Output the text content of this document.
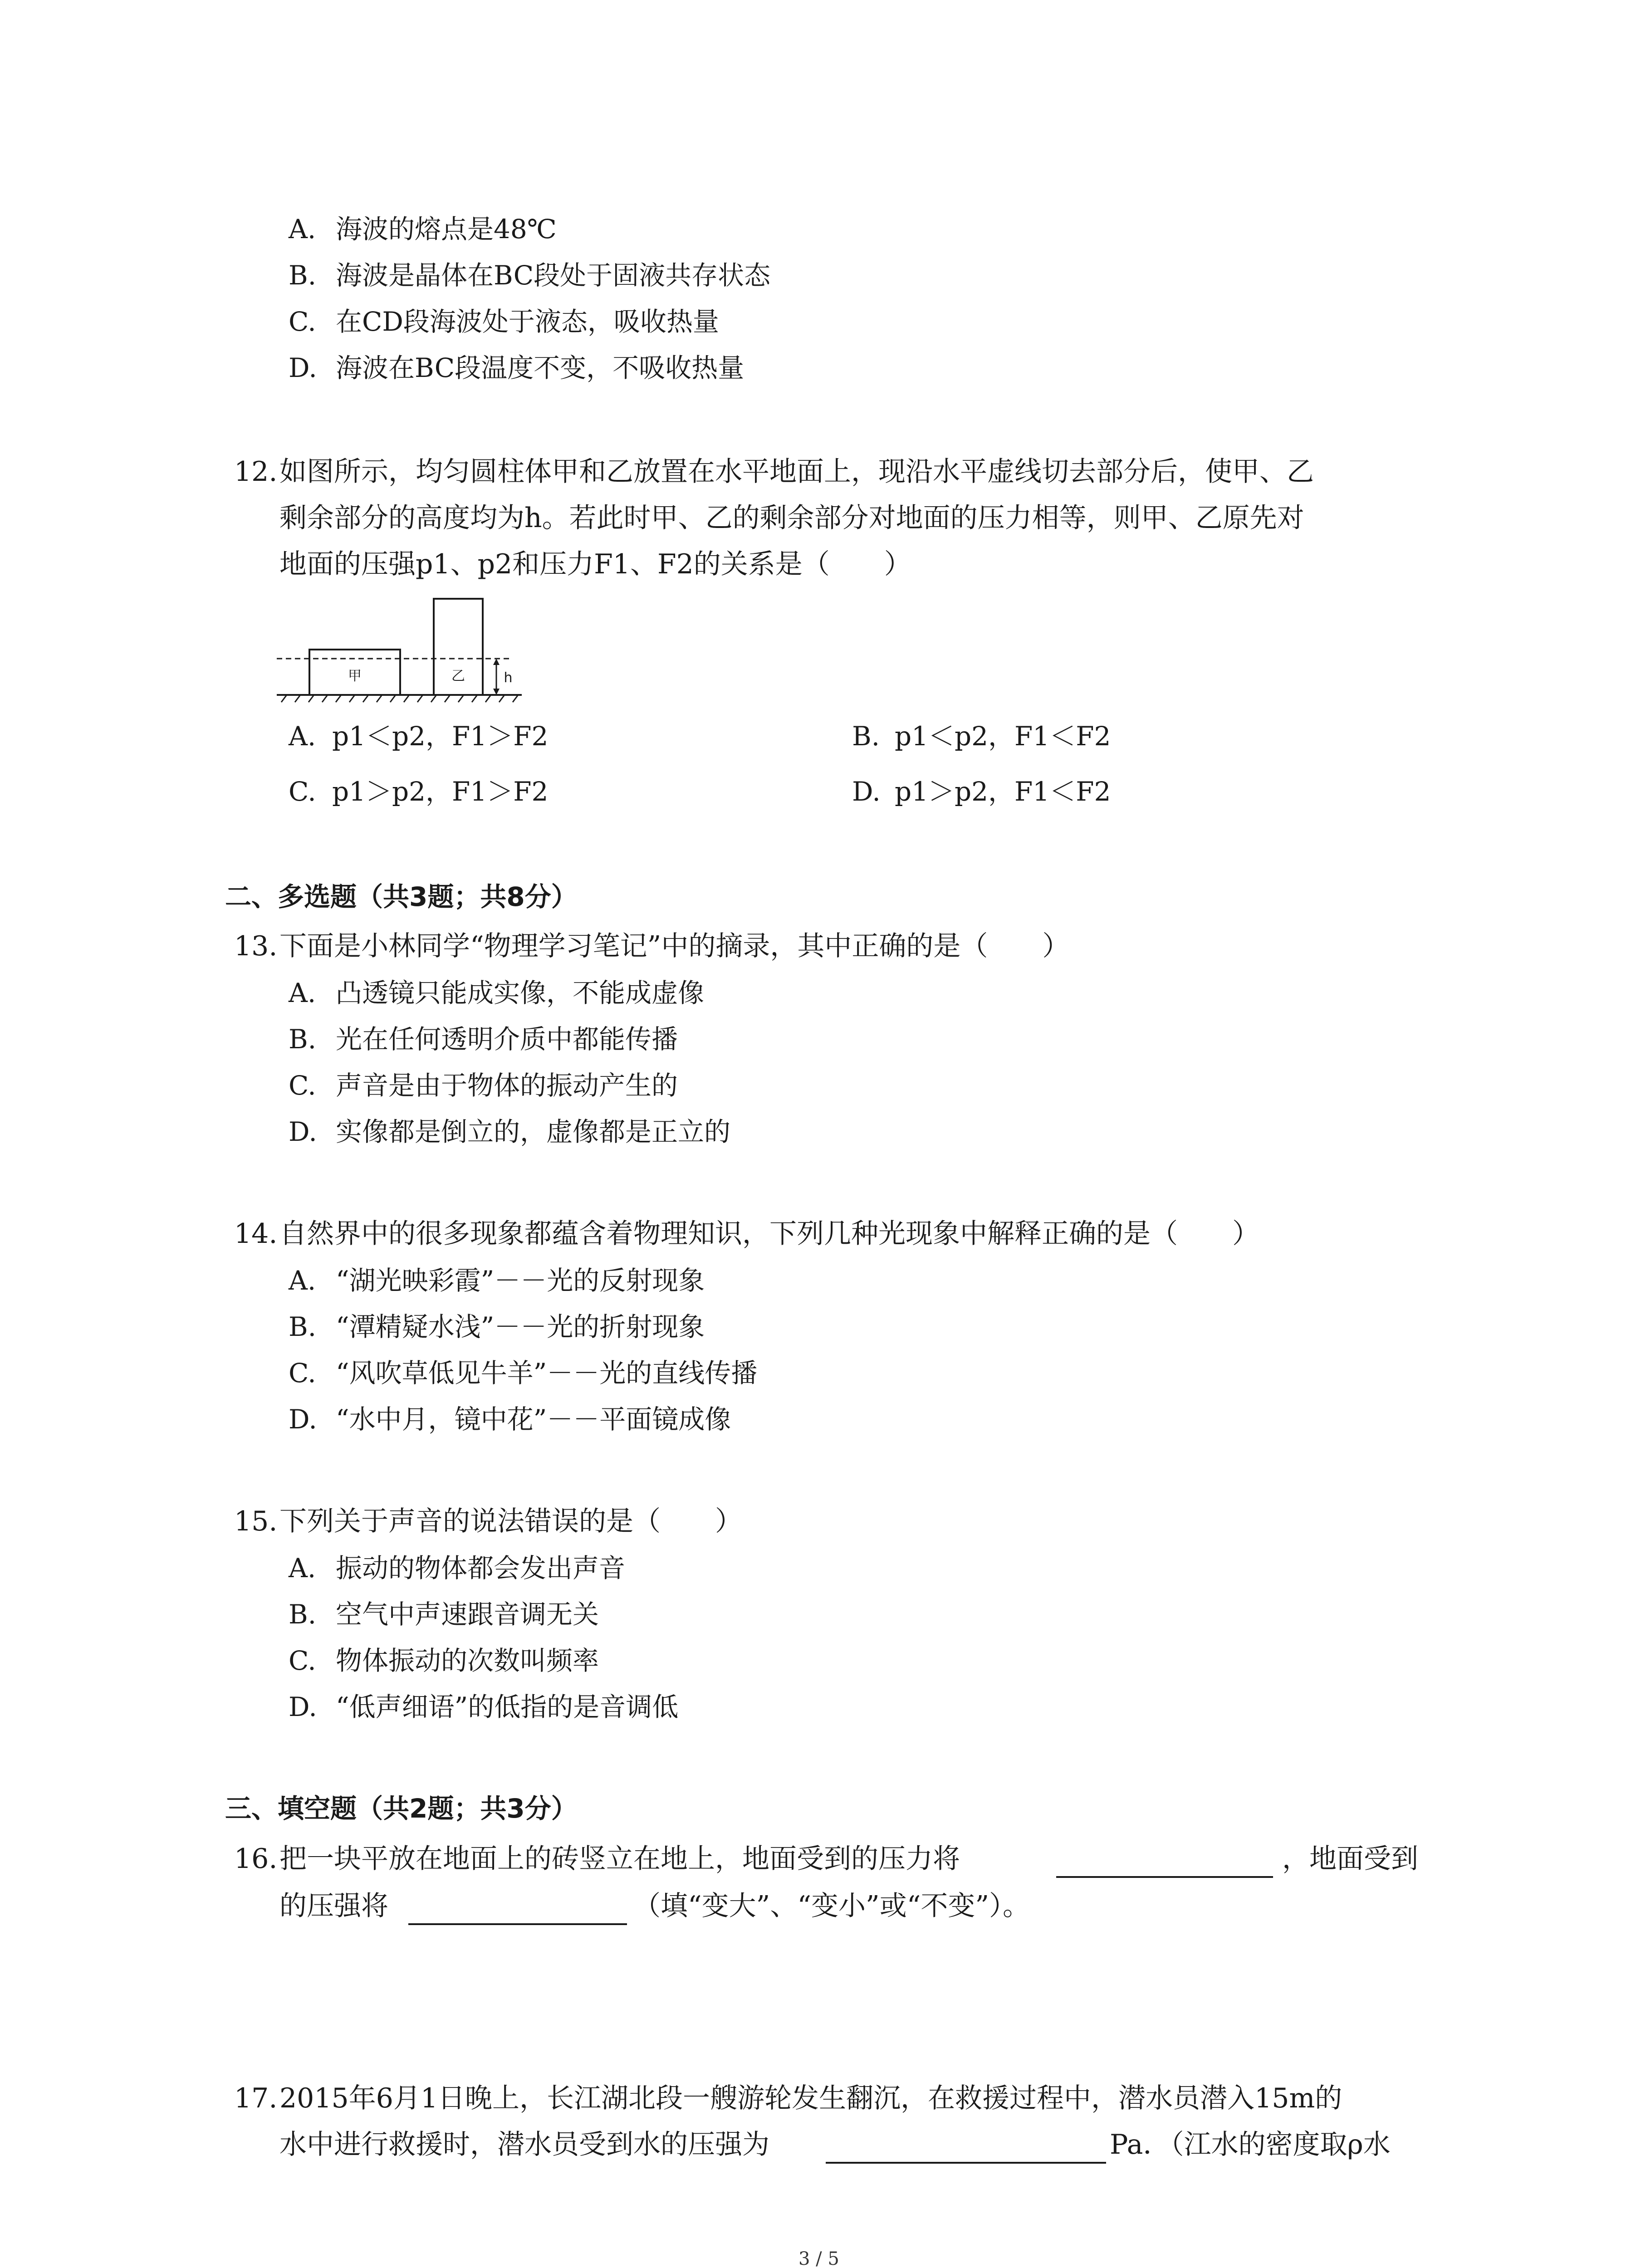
A. 海波的熔点是48℃
B. 海波是晶体在BC段处于固液共存状态
C. 在CD段海波处于液态，吸收热量
D. 海波在BC段温度不变，不吸收热量
12. 如图所示，均匀圆柱体甲和乙放置在水平地面上，现沿水平虚线切去部分后，使甲、乙
剩余部分的高度均为h。若此时甲、乙的剩余部分对地面的压力相等，则甲、乙原先对
地面的压强p1、p2和压力F1、F2的关系是（　　）
甲	乙	h
A. p1＜p2，F1＞F2	B. p1＜p2，F1＜F2
C. p1＞p2，F1＞F2	D. p1＞p2，F1＜F2
二、多选题（共3题；共8分）
13. 下面是小林同学“物理学习笔记”中的摘录，其中正确的是（　　）
A. 凸透镜只能成实像，不能成虚像
B. 光在任何透明介质中都能传播
C. 声音是由于物体的振动产生的
D. 实像都是倒立的，虚像都是正立的
14. 自然界中的很多现象都蕴含着物理知识，下列几种光现象中解释正确的是（　　）
A. “湖光映彩霞”－－光的反射现象
B. “潭精疑水浅”－－光的折射现象
C. “风吹草低见牛羊”－－光的直线传播
D. “水中月，镜中花”－－平面镜成像
15. 下列关于声音的说法错误的是（　　）
A. 振动的物体都会发出声音
B. 空气中声速跟音调无关
C. 物体振动的次数叫频率
D. “低声细语”的低指的是音调低
三、填空题（共2题；共3分）
16. 把一块平放在地面上的砖竖立在地上，地面受到的压力将	，地面受到
的压强将	（填“变大”、“变小”或“不变”）。
17. 2015年6月1日晚上，长江湖北段一艘游轮发生翻沉，在救援过程中，潜水员潜入15m的
水中进行救援时，潜水员受到水的压强为	Pa．（江水的密度取ρ水
3 / 5
